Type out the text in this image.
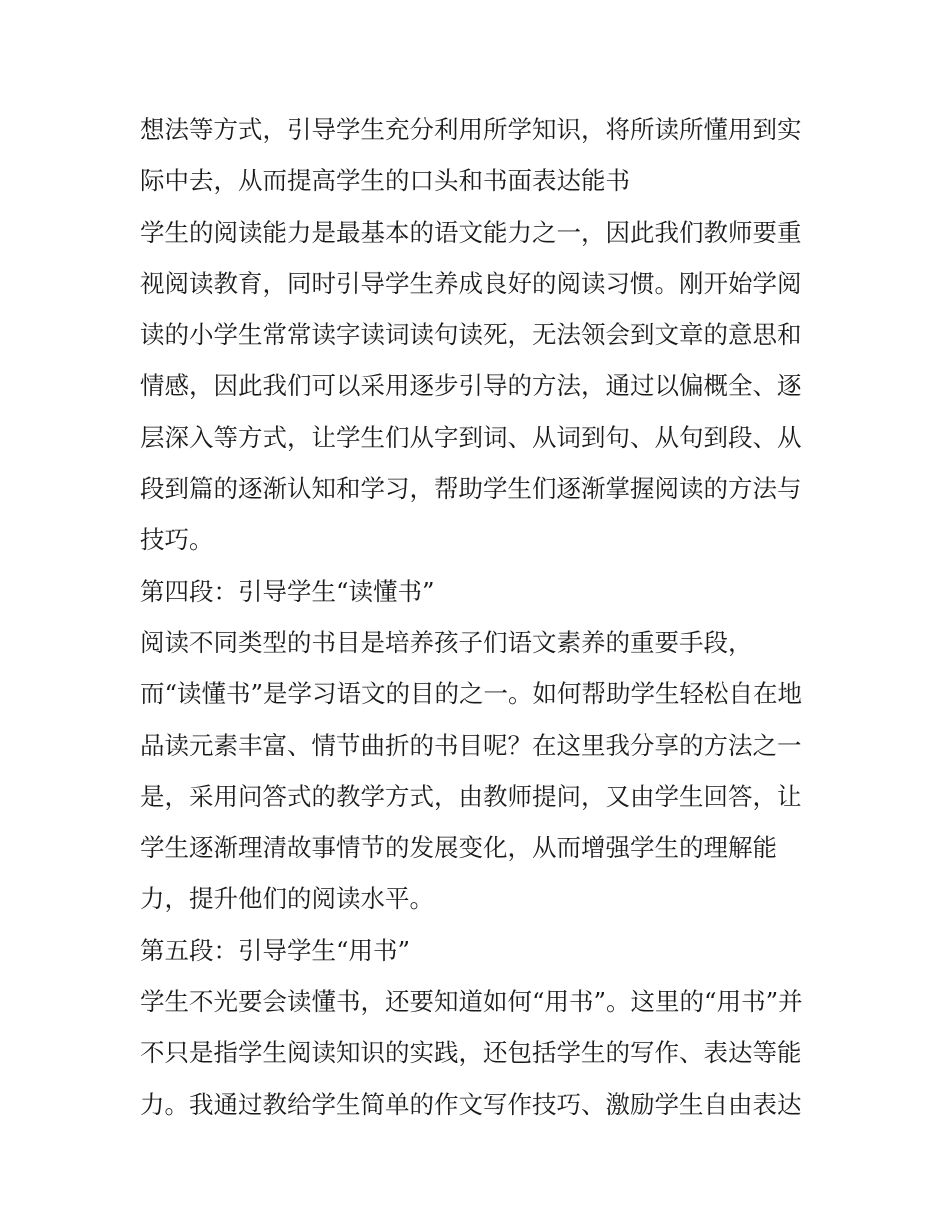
想法等方式，引导学生充分利用所学知识，将所读所懂用到实
际中去，从而提高学生的口头和书面表达能书
学生的阅读能力是最基本的语文能力之一，因此我们教师要重
视阅读教育，同时引导学生养成良好的阅读习惯。刚开始学阅
读的小学生常常读字读词读句读死，无法领会到文章的意思和
情感，因此我们可以采用逐步引导的方法，通过以偏概全、逐
层深入等方式，让学生们从字到词、从词到句、从句到段、从
段到篇的逐渐认知和学习，帮助学生们逐渐掌握阅读的方法与
技巧。
第四段：引导学生“读懂书”
阅读不同类型的书目是培养孩子们语文素养的重要手段，
而“读懂书”是学习语文的目的之一。如何帮助学生轻松自在地
品读元素丰富、情节曲折的书目呢？在这里我分享的方法之一
是，采用问答式的教学方式，由教师提问，又由学生回答，让
学生逐渐理清故事情节的发展变化，从而增强学生的理解能
力，提升他们的阅读水平。
第五段：引导学生“用书”
学生不光要会读懂书，还要知道如何“用书”。这里的“用书”并
不只是指学生阅读知识的实践，还包括学生的写作、表达等能
力。我通过教给学生简单的作文写作技巧、激励学生自由表达
